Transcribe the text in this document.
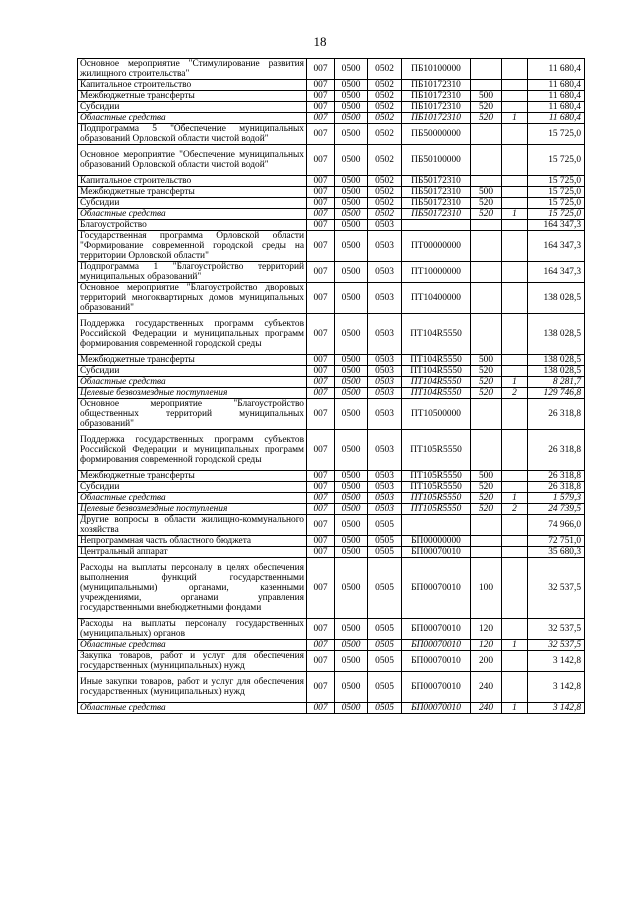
18
Основное мероприятие "Стимулирование развития жилищного строительства"	007	0500	0502	ПБ10100000			11 680,4
Капитальное строительство	007	0500	0502	ПБ10172310			11 680,4
Межбюджетные трансферты	007	0500	0502	ПБ10172310	500		11 680,4
Субсидии	007	0500	0502	ПБ10172310	520		11 680,4
Областные средства	007	0500	0502	ПБ10172310	520	1	11 680,4
Подпрограмма 5 "Обеспечение муниципальных образований Орловской области чистой водой"	007	0500	0502	ПБ50000000			15 725,0
Основное мероприятие "Обеспечение муниципальных образований Орловской области чистой водой"	007	0500	0502	ПБ50100000			15 725,0
Капитальное строительство	007	0500	0502	ПБ50172310			15 725,0
Межбюджетные трансферты	007	0500	0502	ПБ50172310	500		15 725,0
Субсидии	007	0500	0502	ПБ50172310	520		15 725,0
Областные средства	007	0500	0502	ПБ50172310	520	1	15 725,0
Благоустройство	007	0500	0503				164 347,3
Государственная программа Орловской области "Формирование современной городской среды на территории Орловской области"	007	0500	0503	ПТ00000000			164 347,3
Подпрограмма 1 "Благоустройство территорий муниципальных образований"	007	0500	0503	ПТ10000000			164 347,3
Основное мероприятие "Благоустройство дворовых территорий многоквартирных домов муниципальных образований"	007	0500	0503	ПТ10400000			138 028,5
Поддержка государственных программ субъектов Российской Федерации и муниципальных программ формирования современной городской среды	007	0500	0503	ПТ104R5550			138 028,5
Межбюджетные трансферты	007	0500	0503	ПТ104R5550	500		138 028,5
Субсидии	007	0500	0503	ПТ104R5550	520		138 028,5
Областные средства	007	0500	0503	ПТ104R5550	520	1	8 281,7
Целевые безвозмездные поступления	007	0500	0503	ПТ104R5550	520	2	129 746,8
Основное мероприятие "Благоустройство общественных территорий муниципальных образований"	007	0500	0503	ПТ10500000			26 318,8
Поддержка государственных программ субъектов Российской Федерации и муниципальных программ формирования современной городской среды	007	0500	0503	ПТ105R5550			26 318,8
Межбюджетные трансферты	007	0500	0503	ПТ105R5550	500		26 318,8
Субсидии	007	0500	0503	ПТ105R5550	520		26 318,8
Областные средства	007	0500	0503	ПТ105R5550	520	1	1 579,3
Целевые безвозмездные поступления	007	0500	0503	ПТ105R5550	520	2	24 739,5
Другие вопросы в области жилищно-коммунального хозяйства	007	0500	0505				74 966,0
Непрограммная часть областного бюджета	007	0500	0505	БП00000000			72 751,0
Центральный аппарат	007	0500	0505	БП00070010			35 680,3
Расходы на выплаты персоналу в целях обеспечения выполнения функций государственными (муниципальными) органами, казенными учреждениями, органами управления государственными внебюджетными фондами	007	0500	0505	БП00070010	100		32 537,5
Расходы на выплаты персоналу государственных (муниципальных) органов	007	0500	0505	БП00070010	120		32 537,5
Областные средства	007	0500	0505	БП00070010	120	1	32 537,5
Закупка товаров, работ и услуг для обеспечения государственных (муниципальных) нужд	007	0500	0505	БП00070010	200		3 142,8
Иные закупки товаров, работ и услуг для обеспечения государственных (муниципальных) нужд	007	0500	0505	БП00070010	240		3 142,8
Областные средства	007	0500	0505	БП00070010	240	1	3 142,8
